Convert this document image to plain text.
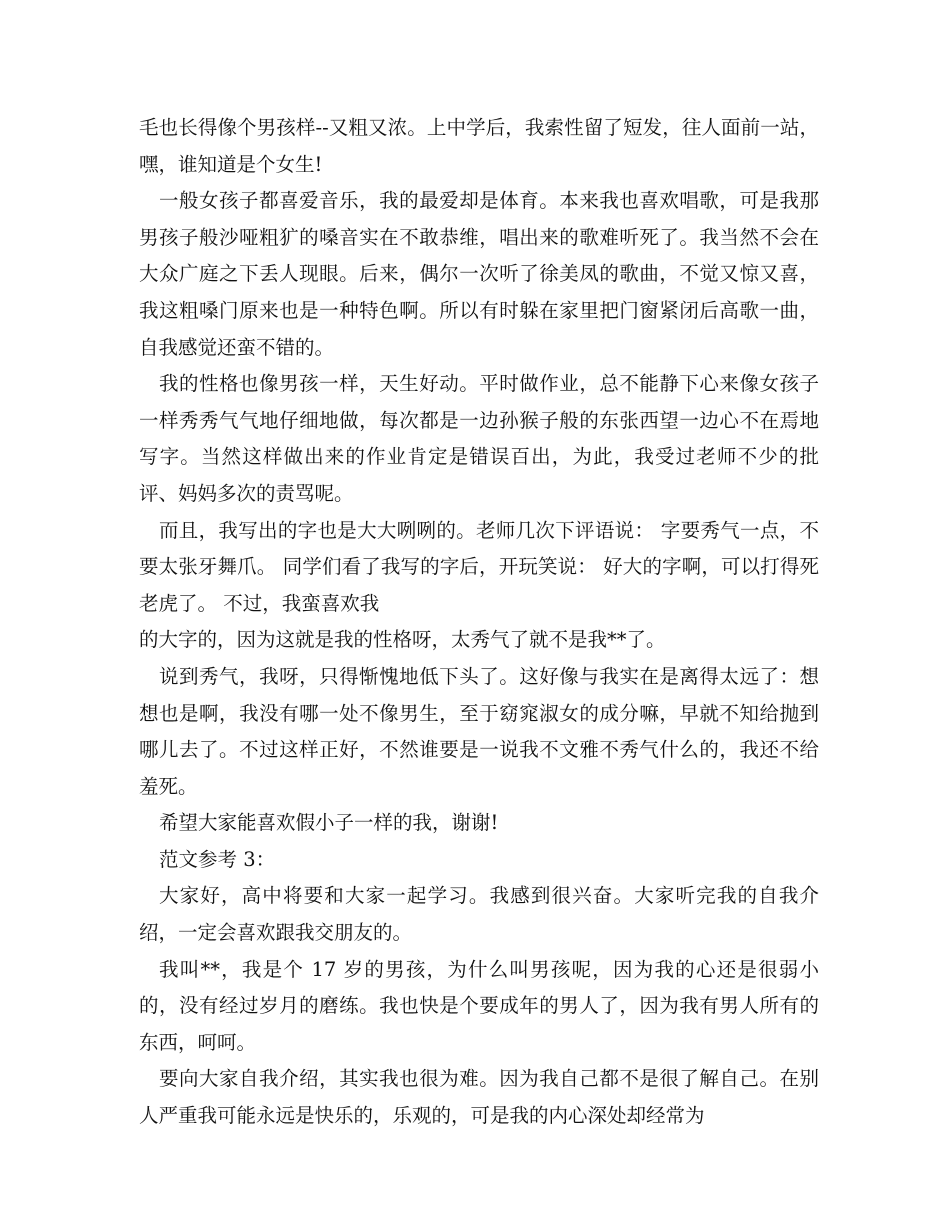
毛也长得像个男孩样--又粗又浓。上中学后，我索性留了短发，往人面前一站，嘿，谁知道是个女生!

一般女孩子都喜爱音乐，我的最爱却是体育。本来我也喜欢唱歌，可是我那男孩子般沙哑粗犷的嗓音实在不敢恭维，唱出来的歌难听死了。我当然不会在大众广庭之下丢人现眼。后来，偶尔一次听了徐美凤的歌曲，不觉又惊又喜，我这粗嗓门原来也是一种特色啊。所以有时躲在家里把门窗紧闭后高歌一曲，自我感觉还蛮不错的。

我的性格也像男孩一样，天生好动。平时做作业，总不能静下心来像女孩子一样秀秀气气地仔细地做，每次都是一边孙猴子般的东张西望一边心不在焉地写字。当然这样做出来的作业肯定是错误百出，为此，我受过老师不少的批评、妈妈多次的责骂呢。

而且，我写出的字也是大大咧咧的。老师几次下评语说： 字要秀气一点，不要太张牙舞爪。 同学们看了我写的字后，开玩笑说： 好大的字啊，可以打得死老虎了。 不过，我蛮喜欢我

的大字的，因为这就是我的性格呀，太秀气了就不是我**了。

说到秀气，我呀，只得惭愧地低下头了。这好像与我实在是离得太远了：想想也是啊，我没有哪一处不像男生，至于窈窕淑女的成分嘛，早就不知给抛到哪儿去了。不过这样正好，不然谁要是一说我不文雅不秀气什么的，我还不给羞死。

希望大家能喜欢假小子一样的我，谢谢!

范文参考 3：

大家好，高中将要和大家一起学习。我感到很兴奋。大家听完我的自我介绍，一定会喜欢跟我交朋友的。

我叫**，我是个 17 岁的男孩，为什么叫男孩呢，因为我的心还是很弱小的，没有经过岁月的磨练。我也快是个要成年的男人了，因为我有男人所有的东西，呵呵。

要向大家自我介绍，其实我也很为难。因为我自己都不是很了解自己。在别人严重我可能永远是快乐的，乐观的，可是我的内心深处却经常为
